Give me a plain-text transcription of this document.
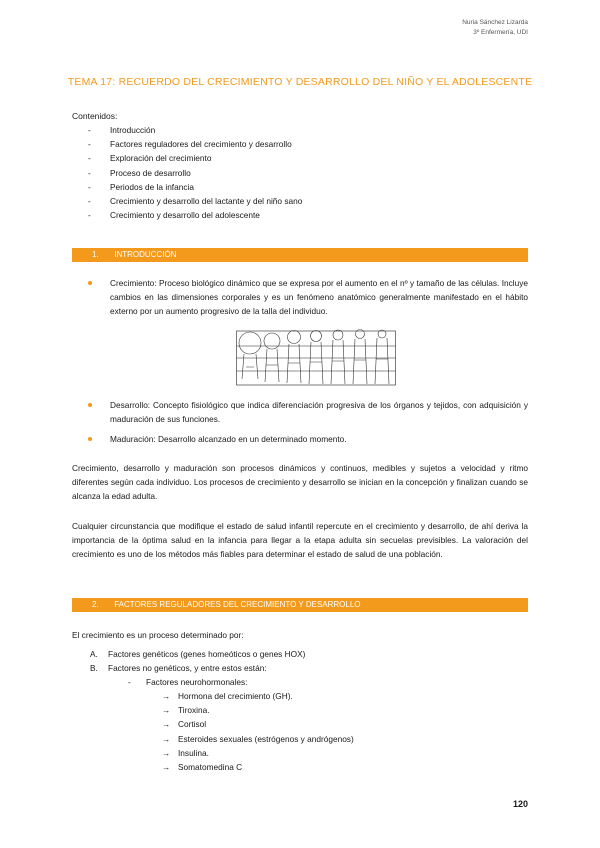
Nuria Sánchez Lizarda
3º Enfermería, UDI
TEMA 17: RECUERDO DEL CRECIMIENTO Y DESARROLLO DEL NIÑO Y EL ADOLESCENTE
Contenidos:
- Introducción
- Factores reguladores del crecimiento y desarrollo
- Exploración del crecimiento
- Proceso de desarrollo
- Periodos de la infancia
- Crecimiento y desarrollo del lactante y del niño sano
- Crecimiento y desarrollo del adolescente
1. INTRODUCCIÓN
Crecimiento: Proceso biológico dinámico que se expresa por el aumento en el nº y tamaño de las células. Incluye cambios en las dimensiones corporales y es un fenómeno anatómico generalmente manifestado en el hábito externo por un aumento progresivo de la talla del individuo.
Desarrollo: Concepto fisiológico que indica diferenciación progresiva de los órganos y tejidos, con adquisición y maduración de sus funciones.
Maduración: Desarrollo alcanzado en un determinado momento.

Crecimiento, desarrollo y maduración son procesos dinámicos y continuos, medibles y sujetos a velocidad y ritmo diferentes según cada individuo. Los procesos de crecimiento y desarrollo se inician en la concepción y finalizan cuando se alcanza la edad adulta.

Cualquier circunstancia que modifique el estado de salud infantil repercute en el crecimiento y desarrollo, de ahí deriva la importancia de la óptima salud en la infancia para llegar a la etapa adulta sin secuelas previsibles. La valoración del crecimiento es uno de los métodos más fiables para determinar el estado de salud de una población.

2. FACTORES REGULADORES DEL CRECIMIENTO Y DESARROLLO

El crecimiento es un proceso determinado por:

A. Factores genéticos (genes homeóticos o genes HOX)
B. Factores no genéticos, y entre estos están:
- Factores neurohormonales:
→ Hormona del crecimiento (GH).
→ Tiroxina.
→ Cortisol
→ Esteroides sexuales (estrógenos y andrógenos)
→ Insulina.
→ Somatomedina C
120
